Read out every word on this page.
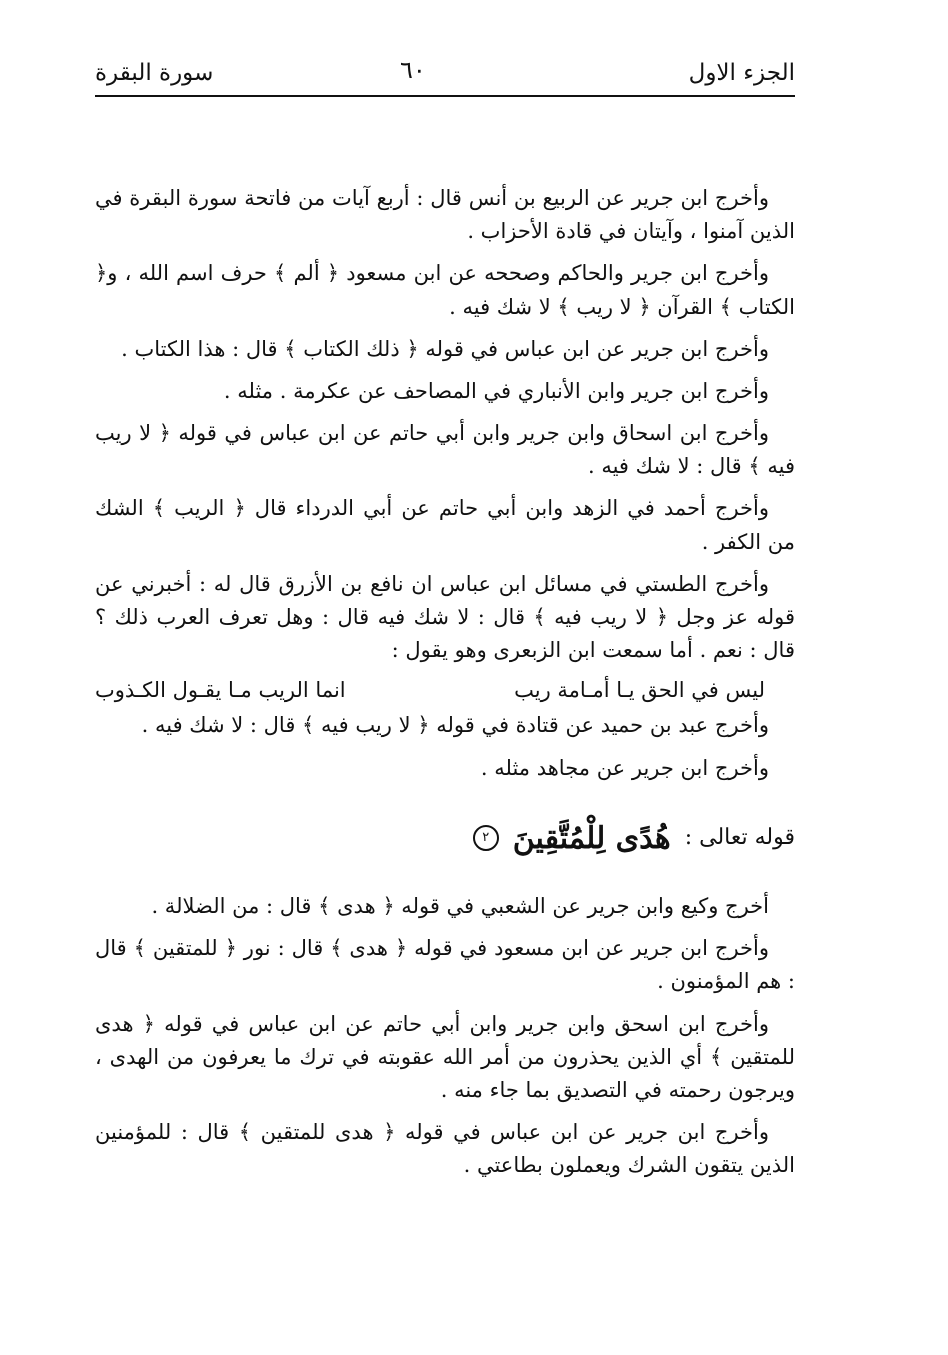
الجزء الاول
٦٠
سورة البقرة

وأخرج ابن جرير عن الربيع بن أنس قال : أربع آيات من فاتحة سورة البقرة في الذين آمنوا ، وآيتان في قادة الأحزاب .

وأخرج ابن جرير والحاكم وصححه عن ابن مسعود ﴿ ألم ﴾ حرف اسم الله ، و﴿ الكتاب ﴾ القرآن ﴿ لا ريب ﴾ لا شك فيه .

وأخرج ابن جرير عن ابن عباس في قوله ﴿ ذلك الكتاب ﴾ قال : هذا الكتاب .

وأخرج ابن جرير وابن الأنباري في المصاحف عن عكرمة . مثله .

وأخرج ابن اسحاق وابن جرير وابن أبي حاتم عن ابن عباس في قوله ﴿ لا ريب فيه ﴾ قال : لا شك فيه .

وأخرج أحمد في الزهد وابن أبي حاتم عن أبي الدرداء قال ﴿ الريب ﴾ الشك من الكفر .

وأخرج الطستي في مسائل ابن عباس ان نافع بن الأزرق قال له : أخبرني عن قوله عز وجل ﴿ لا ريب فيه ﴾ قال : لا شك فيه قال : وهل تعرف العرب ذلك ؟ قال : نعم . أما سمعت ابن الزبعرى وهو يقول :

ليس في الحق يـا أمـامة ريب
انما الريب مـا يقـول الكـذوب

وأخرج عبد بن حميد عن قتادة في قوله ﴿ لا ريب فيه ﴾ قال : لا شك فيه .

وأخرج ابن جرير عن مجاهد مثله .

قوله تعالى :
هُدًى لِلْمُتَّقِينَ
٢

أخرج وكيع وابن جرير عن الشعبي في قوله ﴿ هدى ﴾ قال : من الضلالة .

وأخرج ابن جرير عن ابن مسعود في قوله ﴿ هدى ﴾ قال : نور ﴿ للمتقين ﴾ قال : هم المؤمنون .

وأخرج ابن اسحق وابن جرير وابن أبي حاتم عن ابن عباس في قوله ﴿ هدى للمتقين ﴾ أي الذين يحذرون من أمر الله عقوبته في ترك ما يعرفون من الهدى ، ويرجون رحمته في التصديق بما جاء منه .

وأخرج ابن جرير عن ابن عباس في قوله ﴿ هدى للمتقين ﴾ قال : للمؤمنين الذين يتقون الشرك ويعملون بطاعتي .
